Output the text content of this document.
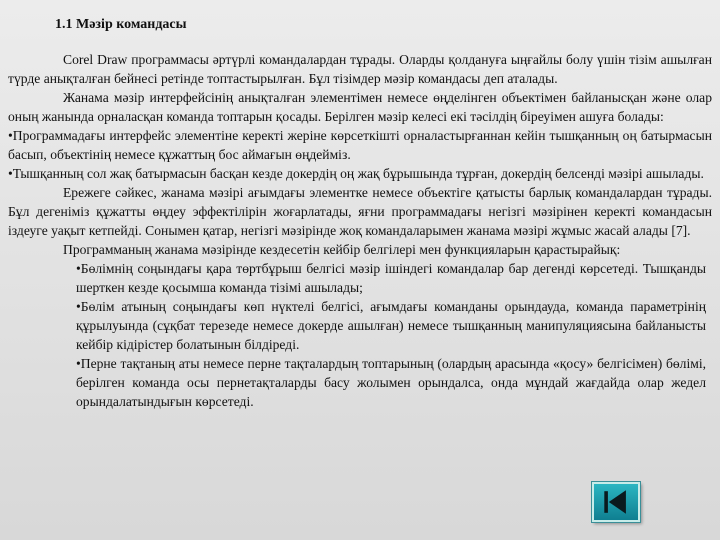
1.1 Мәзір командасы

Corel Draw программасы әртүрлі командалардан тұрады. Оларды қолдануға ыңғайлы болу үшін тізім ашылған түрде анықталған бейнесі ретінде топтастырылған. Бұл тізімдер мәзір командасы деп аталады.

Жанама мәзір интерфейсінің анықталған элементімен немесе өңделінген объектімен байланысқан және олар оның жанында орналасқан команда топтарын қосады. Берілген мәзір келесі екі тәсілдің біреуімен ашуға болады:

•Программадағы интерфейс элементіне керекті жеріне көрсеткішті орналастырғаннан кейін тышқанның оң батырмасын басып, объектінің немесе құжаттың бос аймағын өңдейміз.

•Тышқанның сол жақ батырмасын басқан кезде докердің оң жақ бұрышында тұрған, докердің белсенді мәзірі ашылады.

Ережеге сәйкес, жанама мәзірі ағымдағы элементке немесе объектіге қатысты барлық командалардан тұрады. Бұл дегеніміз құжатты өңдеу эффектілірін жоғарлатады, яғни программадағы негізгі мәзірінен керекті командасын іздеуге уақыт кетпейді. Сонымен қатар, негізгі мәзірінде жоқ командаларымен жанама мәзірі жұмыс жасай алады [7].

Программаның жанама мәзірінде кездесетін кейбір белгілері мен функцияларын қарастырайық:

•Бөлімнің соңындағы қара төртбұрыш белгісі мәзір ішіндегі командалар бар дегенді көрсетеді. Тышқанды шерткен кезде қосымша команда тізімі ашылады;

•Бөлім атының соңындағы көп нүктелі белгісі, ағымдағы команданы орындауда, команда параметрінің құрылуында (сұқбат терезеде немесе докерде ашылған) немесе тышқанның манипуляциясына байланысты кейбір кідірістер болатынын білдіреді.

•Перне тақтаның аты немесе перне тақталардың топтарының (олардың арасында «қосу» белгісімен) бөлімі, берілген команда осы пернетақталарды басу жолымен орындалса, онда мұндай жағдайда олар жедел орындалатындығын көрсетеді.
